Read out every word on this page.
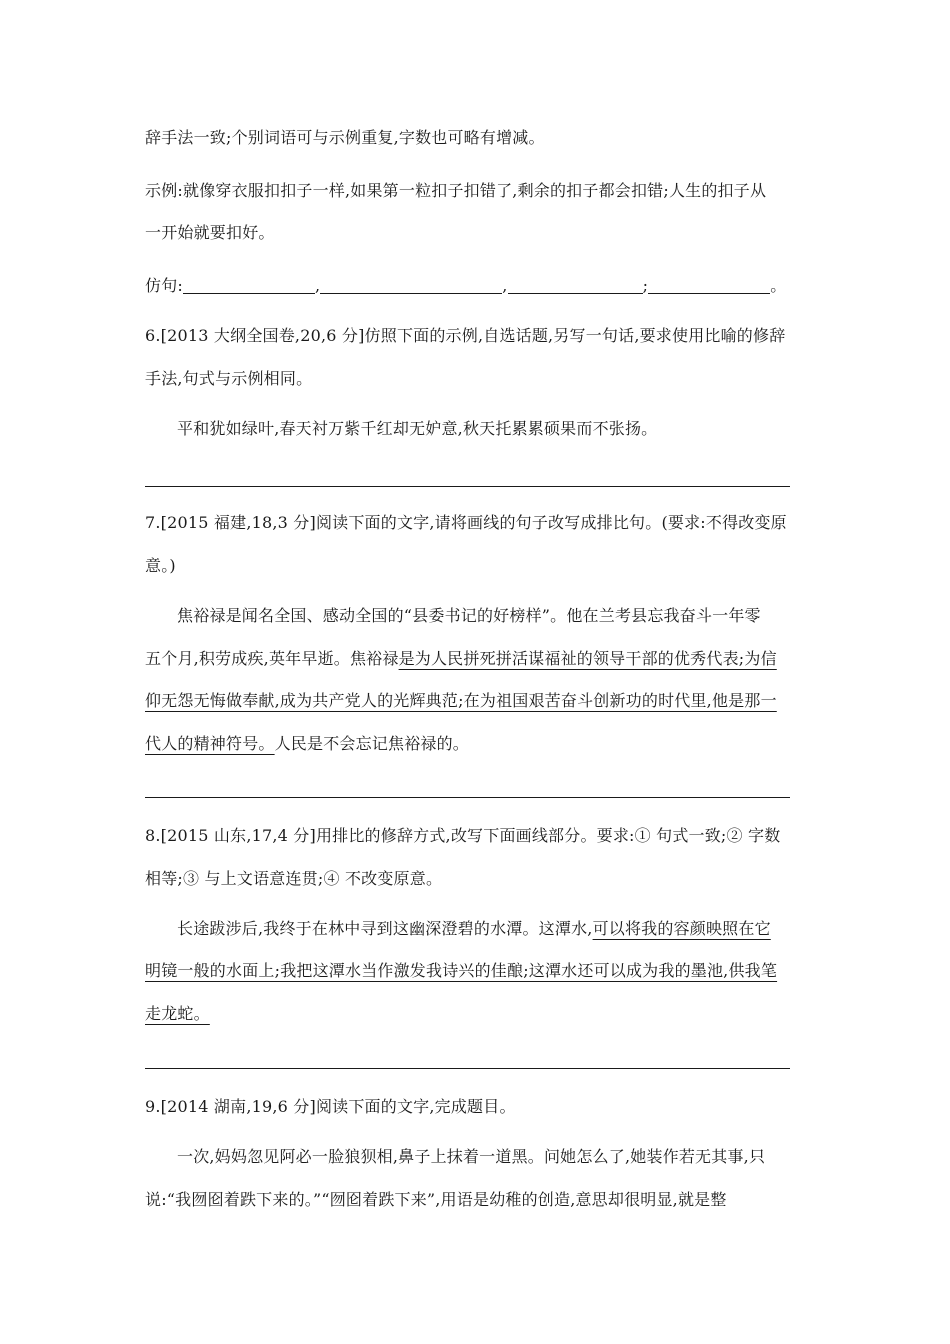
辞手法一致;个别词语可与示例重复,字数也可略有增减。
示例:就像穿衣服扣扣子一样,如果第一粒扣子扣错了,剩余的扣子都会扣错;人生的扣子从
一开始就要扣好。
仿句:	,	,	;	。
6.[2013 大纲全国卷,20,6 分]仿照下面的示例,自选话题,另写一句话,要求使用比喻的修辞
手法,句式与示例相同。
平和犹如绿叶,春天衬万紫千红却无妒意,秋天托累累硕果而不张扬。
7.[2015 福建,18,3 分]阅读下面的文字,请将画线的句子改写成排比句。(要求:不得改变原
意。)
焦裕禄是闻名全国、感动全国的“县委书记的好榜样”。他在兰考县忘我奋斗一年零
五个月,积劳成疾,英年早逝。焦裕禄是为人民拼死拼活谋福祉的领导干部的优秀代表;为信
仰无怨无悔做奉献,成为共产党人的光辉典范;在为祖国艰苦奋斗创新功的时代里,他是那一
代人的精神符号。人民是不会忘记焦裕禄的。
8.[2015 山东,17,4 分]用排比的修辞方式,改写下面画线部分。要求:① 句式一致;② 字数
相等;③ 与上文语意连贯;④ 不改变原意。
长途跋涉后,我终于在林中寻到这幽深澄碧的水潭。这潭水,可以将我的容颜映照在它
明镜一般的水面上;我把这潭水当作激发我诗兴的佳酿;这潭水还可以成为我的墨池,供我笔
走龙蛇。
9.[2014 湖南,19,6 分]阅读下面的文字,完成题目。
一次,妈妈忽见阿必一脸狼狈相,鼻子上抹着一道黑。问她怎么了,她装作若无其事,只
说:“我囫囵着跌下来的。”“囫囵着跌下来”,用语是幼稚的创造,意思却很明显,就是整
